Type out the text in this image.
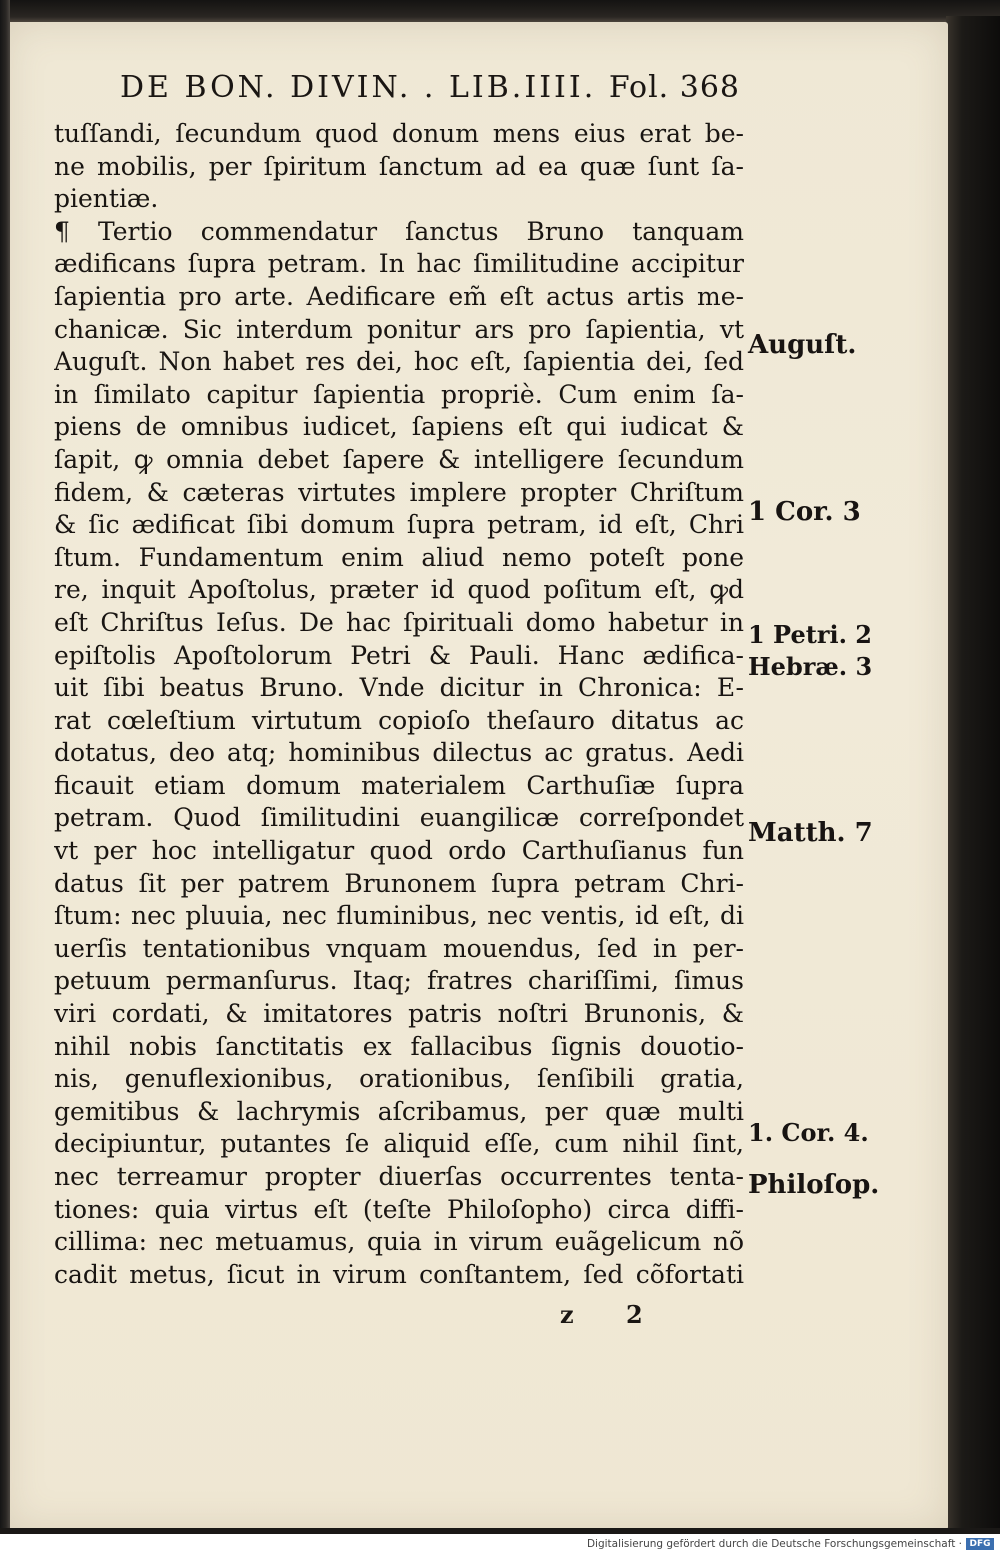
DE BON. DIVIN. . LIB.IIII. Fol. 368
tuſſandi, ſecundum quod donum mens eius erat be-
ne mobilis, per ſpiritum ſanctum ad ea quæ ſunt ſa-
pientiæ.
¶ Tertio commendatur ſanctus Bruno tanquam
ædificans ſupra petram. In hac ſimilitudine accipitur
ſapientia pro arte. Aedificare em̃ eſt actus artis me-
chanicæ. Sic interdum ponitur ars pro ſapientia, vt
Auguſt. Non habet res dei, hoc eſt, ſapientia dei, ſed
in ſimilato capitur ſapientia propriè. Cum enim ſa-
piens de omnibus iudicet, ſapiens eſt qui iudicat &
ſapit, ꝙ omnia debet ſapere & intelligere ſecundum
fidem, & cæteras virtutes implere propter Chriſtum
& ſic ædificat ſibi domum ſupra petram, id eſt, Chri
ſtum. Fundamentum enim aliud nemo poteſt pone
re, inquit Apoſtolus, præter id quod poſitum eſt, ꝙd
eſt Chriſtus Ieſus. De hac ſpirituali domo habetur in
epiſtolis Apoſtolorum Petri & Pauli. Hanc ædifica-
uit ſibi beatus Bruno. Vnde dicitur in Chronica: E-
rat cœleſtium virtutum copioſo theſauro ditatus ac
dotatus, deo atq; hominibus dilectus ac gratus. Aedi
ficauit etiam domum materialem Carthuſiæ ſupra
petram. Quod ſimilitudini euangilicæ correſpondet
vt per hoc intelligatur quod ordo Carthuſianus fun
datus ſit per patrem Brunonem ſupra petram Chri-
ſtum: nec pluuia, nec fluminibus, nec ventis, id eſt, di
uerſis tentationibus vnquam mouendus, ſed in per-
petuum permanſurus. Itaq; fratres chariſſimi, ſimus
viri cordati, & imitatores patris noſtri Brunonis, &
nihil nobis ſanctitatis ex fallacibus ſignis douotio-
nis, genuflexionibus, orationibus, ſenſibili gratia,
gemitibus & lachrymis aſcribamus, per quæ multi
decipiuntur, putantes ſe aliquid eſſe, cum nihil ſint,
nec terreamur propter diuerſas occurrentes tenta-
tiones: quia virtus eſt (teſte Philoſopho) circa diffi-
cillima: nec metuamus, quia in virum euãgelicum nõ
cadit metus, ſicut in virum conſtantem, ſed cõfortati
Auguſt.
1 Cor. 3
1 Petri. 2
Hebræ. 3
Matth. 7
1. Cor. 4.
Philoſop.
z 2
Digitalisierung gefördert durch die Deutsche Forschungsgemeinschaft · DFG
